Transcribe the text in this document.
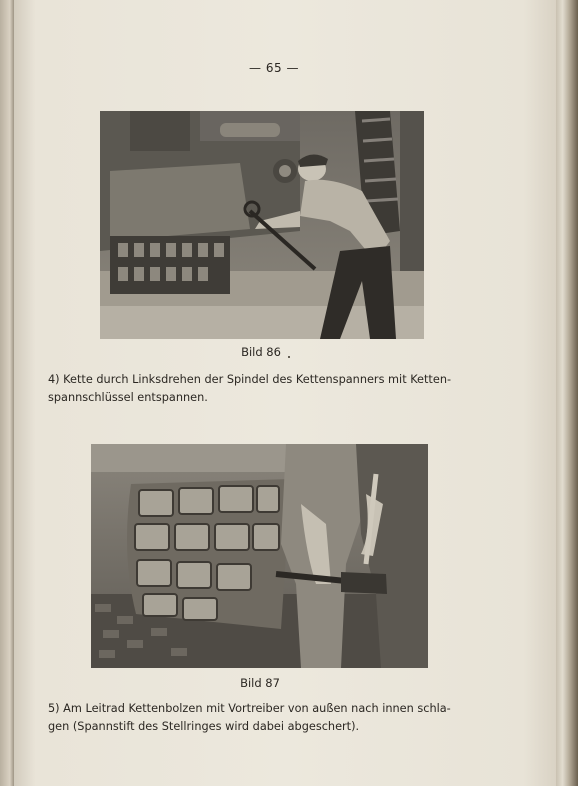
— 65 —
Bild 86
4) Kette durch Linksdrehen der Spindel des Kettenspanners mit Ketten-
spannschlüssel entspannen.
Bild 87
5) Am Leitrad Kettenbolzen mit Vortreiber von außen nach innen schla-
gen (Spannstift des Stellringes wird dabei abgeschert).
